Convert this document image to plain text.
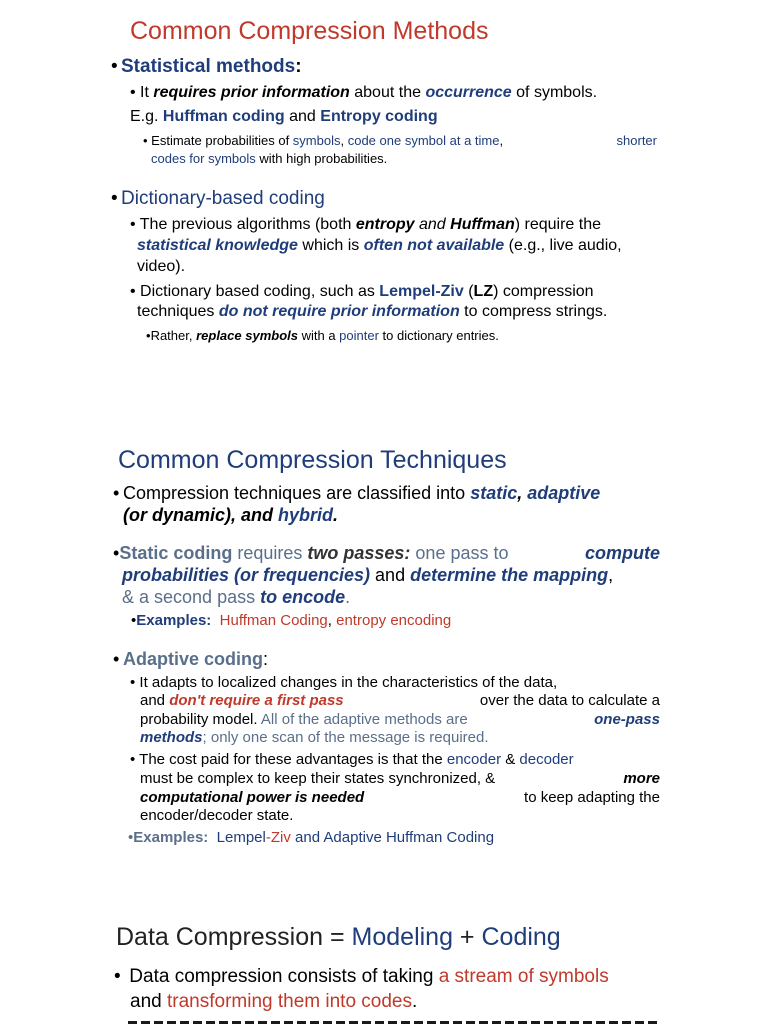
Common Compression Methods
• Statistical methods:
• It requires prior information about the occurrence of symbols.
E.g. Huffman coding and Entropy coding
• Estimate probabilities of symbols, code one symbol at a time,	shorter
codes for symbols with high probabilities.
• Dictionary-based coding
• The previous algorithms (both entropy and Huffman) require the
statistical knowledge which is often not available (e.g., live audio,
video).
• Dictionary based coding, such as Lempel-Ziv (LZ) compression
techniques do not require prior information to compress strings.
•Rather, replace symbols with a pointer to dictionary entries.
Common Compression Techniques
• Compression techniques are classified into static, adaptive
(or dynamic), and hybrid.
•Static coding requires two passes: one pass to	compute
probabilities (or frequencies) and determine the mapping,
& a second pass to encode.
•Examples: Huffman Coding, entropy encoding
• Adaptive coding:
• It adapts to localized changes in the characteristics of the data,
and don't require a first pass	over the data to calculate a
probability model. All of the adaptive methods are	one-pass
methods; only one scan of the message is required.
• The cost paid for these advantages is that the encoder & decoder
must be complex to keep their states synchronized, &	more
computational power is needed	to keep adapting the
encoder/decoder state.
•Examples: Lempel-Ziv and Adaptive Huffman Coding
Data Compression = Modeling + Coding
• Data compression consists of taking a stream of symbols
and transforming them into codes.
